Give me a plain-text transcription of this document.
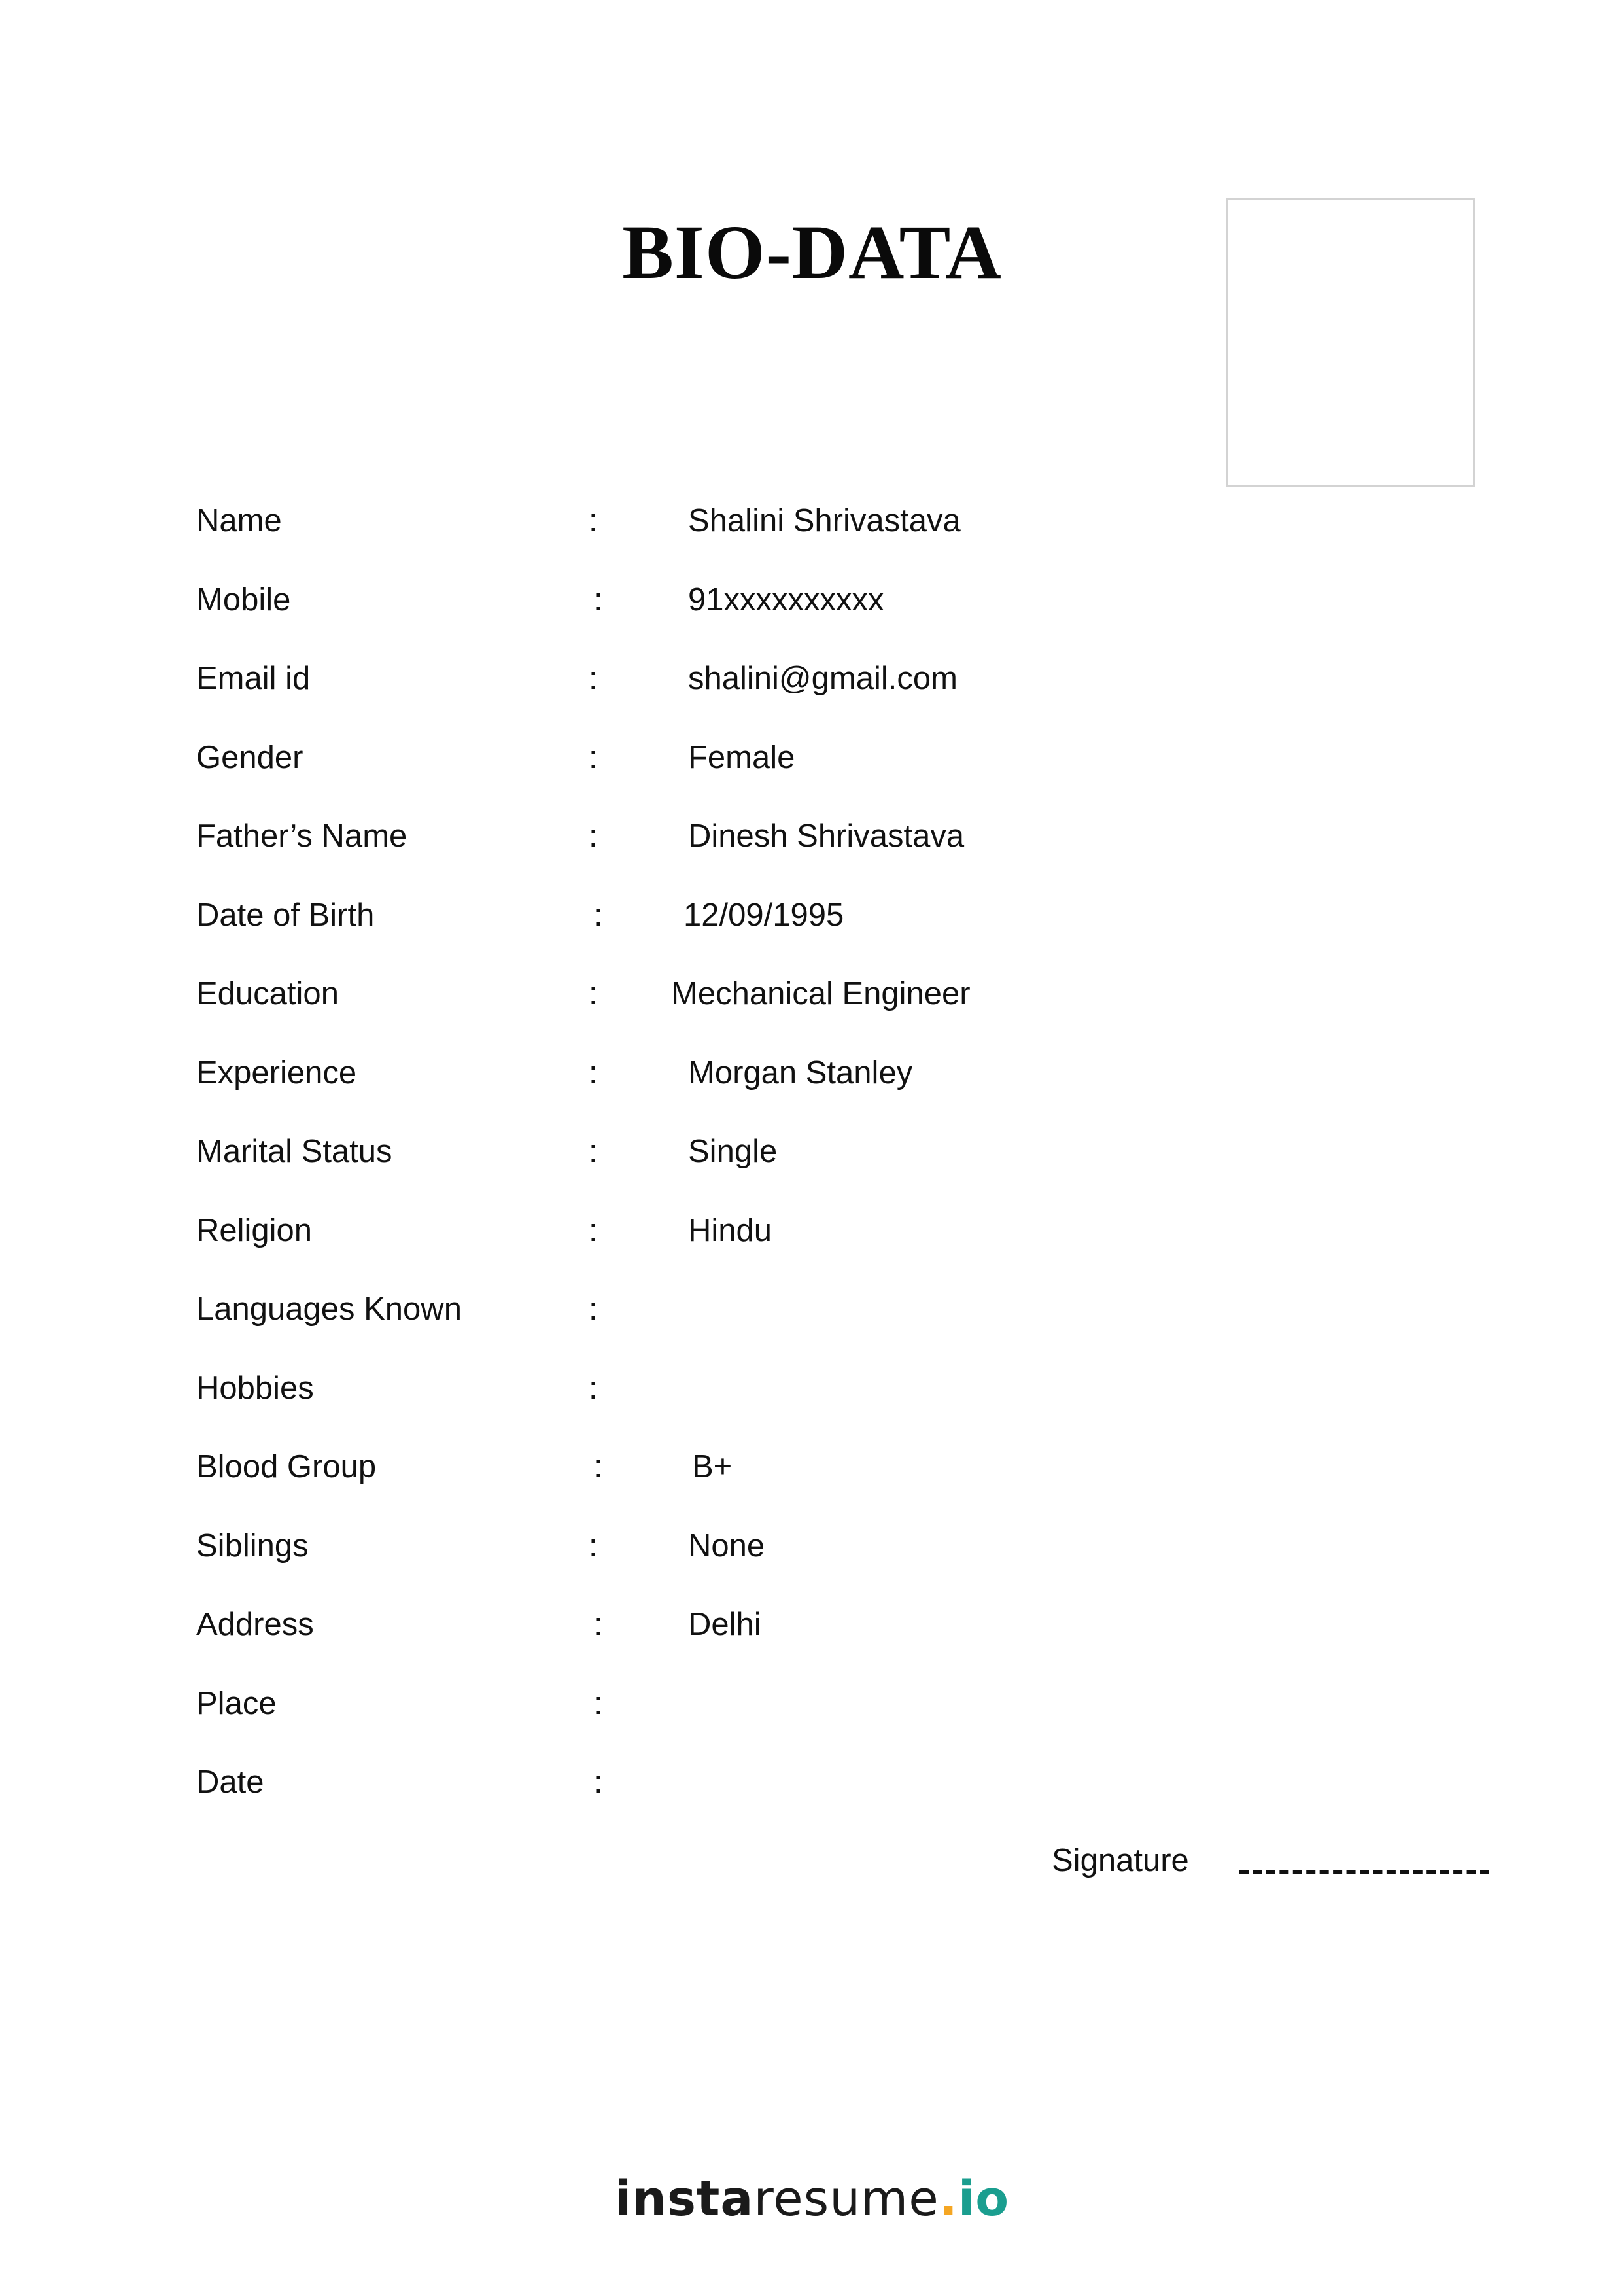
BIO-DATA
Name	:	Shalini Shrivastava
Mobile	:	91xxxxxxxxxx
Email id	:	shalini@gmail.com
Gender	:	Female
Father’s Name	:	Dinesh Shrivastava
Date of Birth	:	12/09/1995
Education	: Mechanical Engineer
Experience	:	Morgan Stanley
Marital Status	:	Single
Religion	:	Hindu
Languages Known	:
Hobbies	:
Blood Group	:	B+
Siblings	:	None
Address	:	Delhi
Place	:
Date	:
Signature
instaresume.io
